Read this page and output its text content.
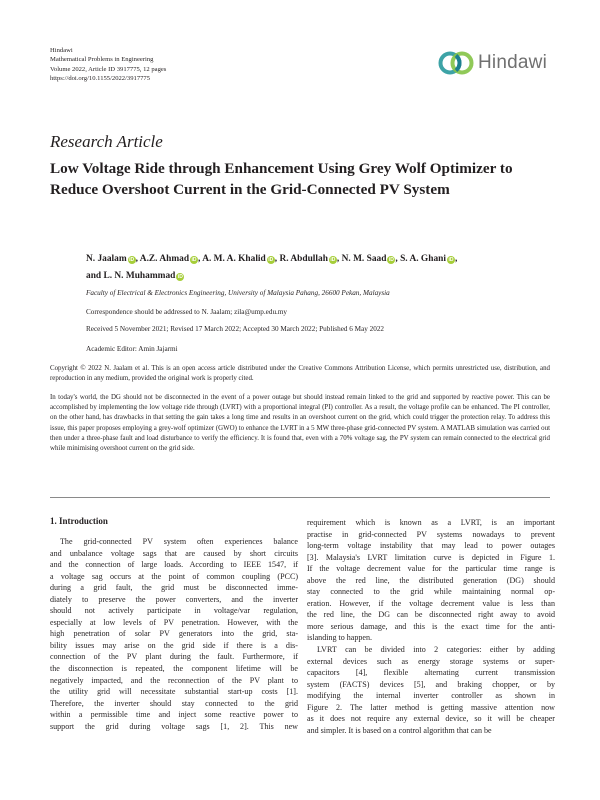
Hindawi
Mathematical Problems in Engineering
Volume 2022, Article ID 3917775, 12 pages
https://doi.org/10.1155/2022/3917775
Hindawi
Research Article
Low Voltage Ride through Enhancement Using Grey Wolf Optimizer to Reduce Overshoot Current in the Grid-Connected PV System
N. Jaalam iD , A.Z. Ahmad iD , A. M. A. Khalid iD , R. Abdullah iD , N. M. Saad iD , S. A. Ghani iD ,
and L. N. Muhammad iD
Faculty of Electrical & Electronics Engineering, University of Malaysia Pahang, 26600 Pekan, Malaysia
Correspondence should be addressed to N. Jaalam; zila@ump.edu.my
Received 5 November 2021; Revised 17 March 2022; Accepted 30 March 2022; Published 6 May 2022
Academic Editor: Amin Jajarmi

Copyright © 2022 N. Jaalam et al. This is an open access article distributed under the Creative Commons Attribution License, which permits unrestricted use, distribution, and reproduction in any medium, provided the original work is properly cited.

In today's world, the DG should not be disconnected in the event of a power outage but should instead remain linked to the grid and supported by reactive power. This can be accomplished by implementing the low voltage ride through (LVRT) with a proportional integral (PI) controller. As a result, the voltage profile can be enhanced. The PI controller, on the other hand, has drawbacks in that setting the gain takes a long time and results in an overshoot current on the grid, which could trigger the protection relay. To address this issue, this paper proposes employing a grey-wolf optimizer (GWO) to enhance the LVRT in a 5 MW three-phase grid-connected PV system. A MATLAB simulation was carried out then under a three-phase fault and load disturbance to verify the efficiency. It is found that, even with a 70% voltage sag, the PV system can remain connected to the electrical grid while minimising overshoot current on the grid side.

1. Introduction
The grid-connected PV system often experiences balance
and unbalance voltage sags that are caused by short circuits
and the connection of large loads. According to IEEE 1547, if
a voltage sag occurs at the point of common coupling (PCC)
during a grid fault, the grid must be disconnected imme-
diately to preserve the power converters, and the inverter
should not actively participate in voltage/var regulation,
especially at low levels of PV penetration. However, with the
high penetration of solar PV generators into the grid, sta-
bility issues may arise on the grid side if there is a dis-
connection of the PV plant during the fault. Furthermore, if
the disconnection is repeated, the component lifetime will be
negatively impacted, and the reconnection of the PV plant to
the utility grid will necessitate substantial start-up costs [1].
Therefore, the inverter should stay connected to the grid
within a permissible time and inject some reactive power to
support the grid during voltage sags [1, 2]. This new
requirement which is known as a LVRT, is an important
practise in grid-connected PV systems nowadays to prevent
long-term voltage instability that may lead to power outages
[3]. Malaysia's LVRT limitation curve is depicted in Figure 1.
If the voltage decrement value for the particular time range is
above the red line, the distributed generation (DG) should
stay connected to the grid while maintaining normal op-
eration. However, if the voltage decrement value is less than
the red line, the DG can be disconnected right away to avoid
more serious damage, and this is the exact time for the anti-
islanding to happen.
LVRT can be divided into 2 categories: either by adding
external devices such as energy storage systems or super-
capacitors [4], flexible alternating current transmission
system (FACTS) devices [5], and braking chopper, or by
modifying the internal inverter controller as shown in
Figure 2. The latter method is getting massive attention now
as it does not require any external device, so it will be cheaper
and simpler. It is based on a control algorithm that can be
